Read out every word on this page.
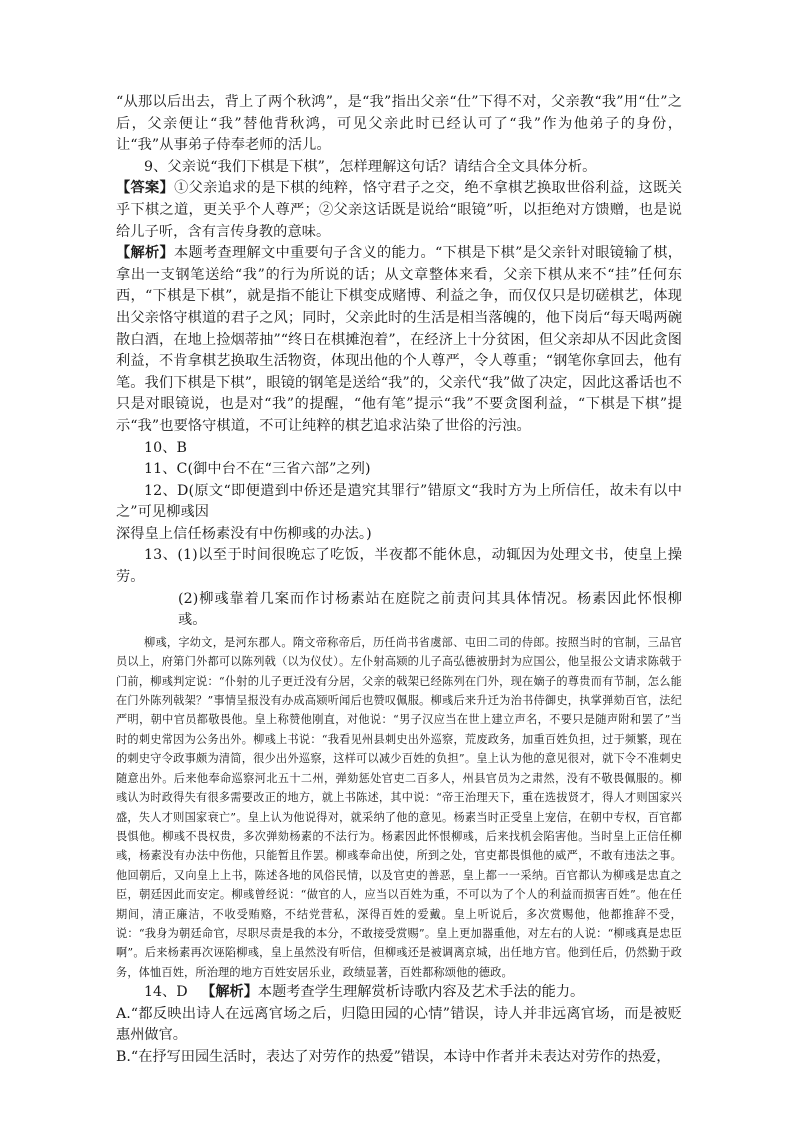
“从那以后出去，背上了两个秋鸿”，是“我”指出父亲“仕”下得不对，父亲教“我”用“仕”之后，父亲便让“我”替他背秋鸿，可见父亲此时已经认可了“我”作为他弟子的身份，让“我”从事弟子侍奉老师的活儿。

9、父亲说“我们下棋是下棋”，怎样理解这句话？请结合全文具体分析。

【答案】①父亲追求的是下棋的纯粹，恪守君子之交，绝不拿棋艺换取世俗利益，这既关乎下棋之道，更关乎个人尊严；②父亲这话既是说给“眼镜”听，以拒绝对方馈赠，也是说给儿子听，含有言传身教的意味。

【解析】本题考查理解文中重要句子含义的能力。“下棋是下棋”是父亲针对眼镜输了棋，拿出一支钢笔送给“我”的行为所说的话；从文章整体来看，父亲下棋从来不“挂”任何东西，“下棋是下棋”，就是指不能让下棋变成赌博、利益之争，而仅仅只是切磋棋艺，体现出父亲恪守棋道的君子之风；同时，父亲此时的生活是相当落魄的，他下岗后“每天喝两碗散白酒，在地上捡烟蒂抽”“终日在棋摊泡着”，在经济上十分贫困，但父亲却从不因此贪图利益，不肯拿棋艺换取生活物资，体现出他的个人尊严，令人尊重；“钢笔你拿回去，他有笔。我们下棋是下棋”，眼镜的钢笔是送给“我”的，父亲代“我”做了决定，因此这番话也不只是对眼镜说，也是对“我”的提醒，“他有笔”提示“我”不要贪图利益，“下棋是下棋”提示“我”也要恪守棋道，不可让纯粹的棋艺追求沾染了世俗的污浊。

10、B

11、C(御中台不在“三省六部”之列)

12、D(原文“即便遣到中侨还是遣究其罪行”错原文“我时方为上所信任，故未有以中之”可见柳彧因

深得皇上信任杨素没有中伤柳彧的办法。)

13、(1)以至于时间很晚忘了吃饭，半夜都不能休息，动辄因为处理文书，使皇上操劳。

(2)柳彧靠着几案而作讨杨素站在庭院之前责问其具体情况。杨素因此怀恨柳彧。

柳彧，字幼文，是河东郡人。隋文帝称帝后，历任尚书省虞部、屯田二司的侍郎。按照当时的官制，三品官员以上，府第门外都可以陈列戟（以为仪仗）。左仆射高颎的儿子高弘德被册封为应国公，他呈报公文请求陈戟于门前，柳彧判定说：“仆射的儿子更迁没有分居，父亲的戟架已经陈列在门外，现在嫡子的尊贵而有节制，怎么能在门外陈列戟架？”事情呈报没有办成高颎听闻后也赞叹佩服。柳彧后来升迁为治书侍御史，执掌弹劾百官，法纪严明，朝中官员都敬畏他。皇上称赞他刚直，对他说：“男子汉应当在世上建立声名，不要只是随声附和罢了”当时的刺史常因为公务出外。柳彧上书说：“我看见州县刺史出外巡察，荒废政务，加重百姓负担，过于频繁，现在的刺史守令政事颇为清简，很少出外巡察，这样可以减少百姓的负担”。皇上认为他的意见很对，就下令不准刺史随意出外。后来他奉命巡察河北五十二州，弹劾惩处官吏二百多人，州县官员为之肃然，没有不敬畏佩服的。柳彧认为时政得失有很多需要改正的地方，就上书陈述，其中说：“帝王治理天下，重在选拔贤才，得人才则国家兴盛，失人才则国家衰亡”。皇上认为他说得对，就采纳了他的意见。杨素当时正受皇上宠信，在朝中专权，百官都畏惧他。柳彧不畏权贵，多次弹劾杨素的不法行为。杨素因此怀恨柳彧，后来找机会陷害他。当时皇上正信任柳彧，杨素没有办法中伤他，只能暂且作罢。柳彧奉命出使，所到之处，官吏都畏惧他的威严，不敢有违法之事。他回朝后，又向皇上上书，陈述各地的风俗民情，以及官吏的善恶，皇上都一一采纳。百官都认为柳彧是忠直之臣，朝廷因此而安定。柳彧曾经说：“做官的人，应当以百姓为重，不可以为了个人的利益而损害百姓”。他在任期间，清正廉洁，不收受贿赂，不结党营私，深得百姓的爱戴。皇上听说后，多次赏赐他，他都推辞不受，说：“我身为朝廷命官，尽职尽责是我的本分，不敢接受赏赐”。皇上更加器重他，对左右的人说：“柳彧真是忠臣啊”。后来杨素再次诬陷柳彧，皇上虽然没有听信，但柳彧还是被调离京城，出任地方官。他到任后，仍然勤于政务，体恤百姓，所治理的地方百姓安居乐业，政绩显著，百姓都称颂他的德政。

14、D 【解析】本题考查学生理解赏析诗歌内容及艺术手法的能力。

A.“都反映出诗人在远离官场之后，归隐田园的心情”错误，诗人并非远离官场，而是被贬惠州做官。

B.“在抒写田园生活时，表达了对劳作的热爱”错误，本诗中作者并未表达对劳作的热爱，
